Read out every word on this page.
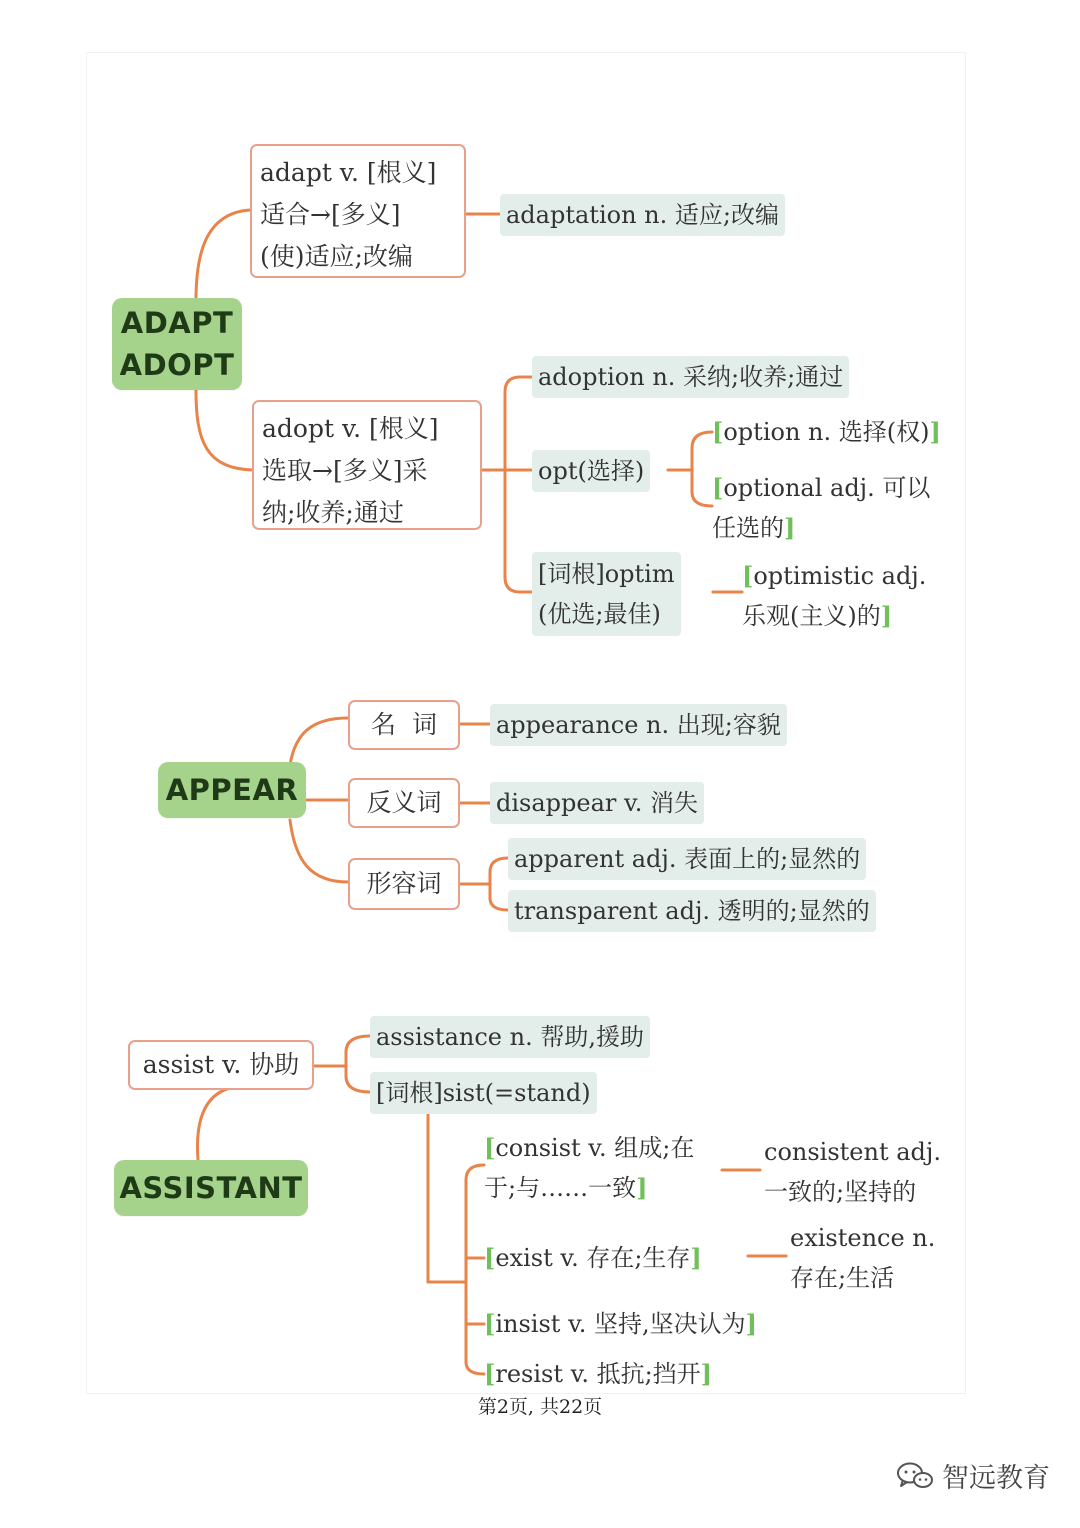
ADAPT
ADOPT
adapt v. [根义]
适合→[多义]
(使)适应;改编
adaptation n. 适应;改编
adopt v. [根义]
选取→[多义]采
纳;收养;通过
adoption n. 采纳;收养;通过
opt(选择)
[option n. 选择(权)]
[optional adj. 可以
任选的]
[词根]optim
(优选;最佳)
[optimistic adj.
乐观(主义)的]
APPEAR
名  词	appearance n. 出现;容貌
反义词	disappear v. 消失
形容词
apparent adj. 表面上的;显然的
transparent adj. 透明的;显然的
assist v. 协助
ASSISTANT
assistance n. 帮助,援助
[词根]sist(=stand)
[consist v. 组成;在
于;与……一致]
consistent adj.
一致的;坚持的
[exist v. 存在;生存]
existence n.
存在;生活
[insist v. 坚持,坚决认为]
[resist v. 抵抗;挡开]
第2页, 共22页
智远教育
